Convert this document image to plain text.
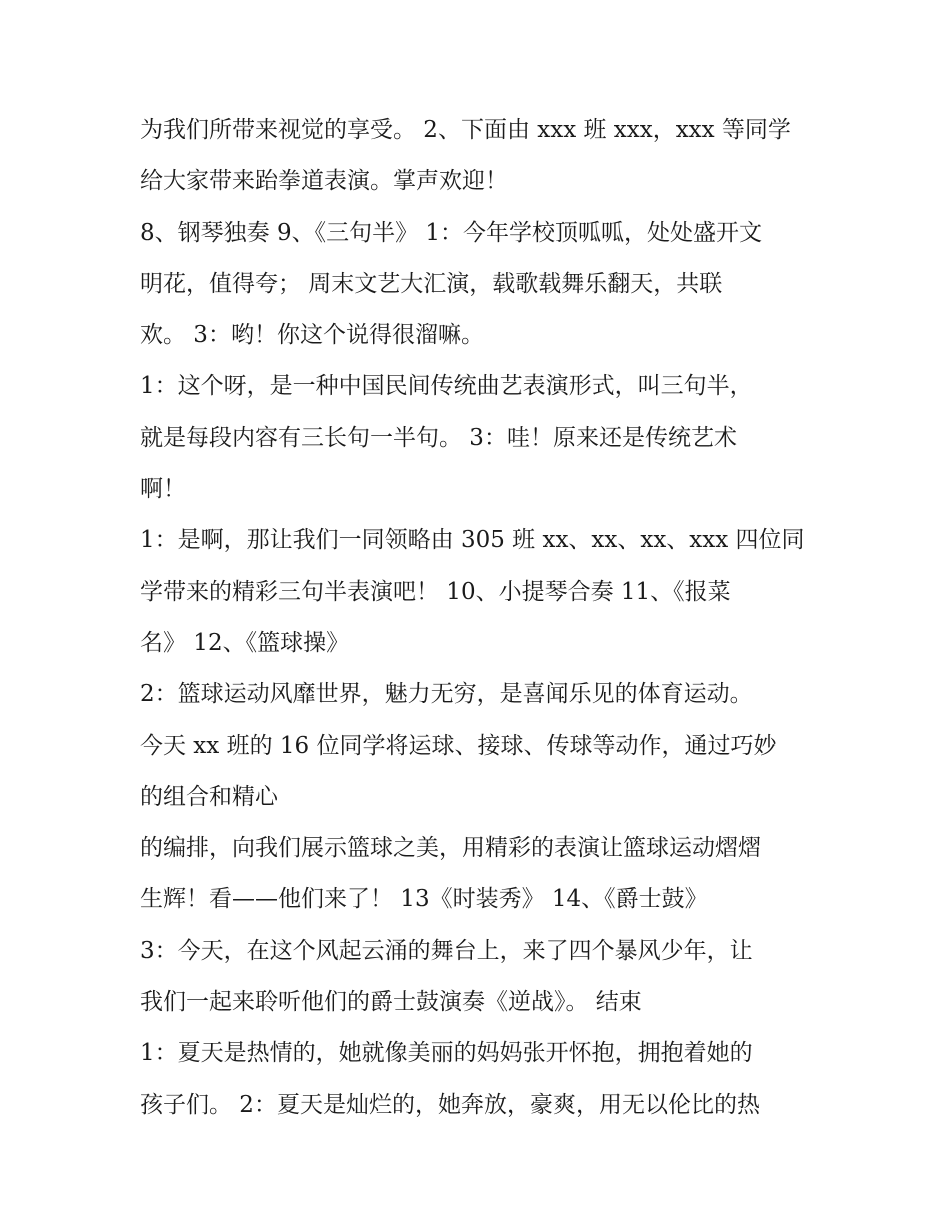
为我们所带来视觉的享受。 2、下面由 xxx 班 xxx，xxx 等同学
给大家带来跆拳道表演。掌声欢迎！
8、钢琴独奏 9、《三句半》 1：今年学校顶呱呱，处处盛开文
明花，值得夸； 周末文艺大汇演，载歌载舞乐翻天，共联
欢。 3：哟！你这个说得很溜嘛。
1：这个呀，是一种中国民间传统曲艺表演形式，叫三句半，
就是每段内容有三长句一半句。 3：哇！原来还是传统艺术
啊！
1：是啊，那让我们一同领略由 305 班 xx、xx、xx、xxx 四位同
学带来的精彩三句半表演吧！ 10、小提琴合奏 11、《报菜
名》 12、《篮球操》
2：篮球运动风靡世界，魅力无穷，是喜闻乐见的体育运动。
今天 xx 班的 16 位同学将运球、接球、传球等动作，通过巧妙
的组合和精心
的编排，向我们展示篮球之美，用精彩的表演让篮球运动熠熠
生辉！看——他们来了！ 13《时装秀》 14、《爵士鼓》
3：今天，在这个风起云涌的舞台上，来了四个暴风少年，让
我们一起来聆听他们的爵士鼓演奏《逆战》。 结束
1：夏天是热情的，她就像美丽的妈妈张开怀抱，拥抱着她的
孩子们。 2：夏天是灿烂的，她奔放，豪爽，用无以伦比的热
